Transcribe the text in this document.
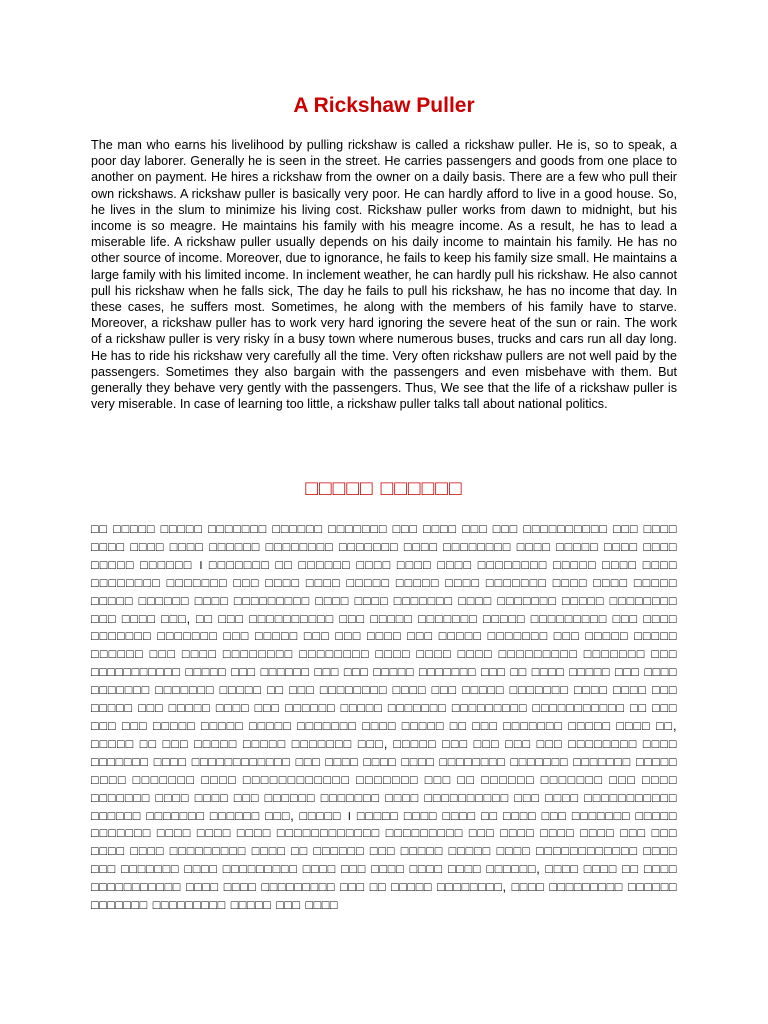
A Rickshaw Puller

The man who earns his livelihood by pulling rickshaw is called a rickshaw puller. He is, so to speak, a poor day laborer. Generally he is seen in the street. He carries passengers and goods from one place to another on payment. He hires a rickshaw from the owner on a daily basis. There are a few who pull their own rickshaws. A rickshaw puller is basically very poor. He can hardly afford to live in a good house. So, he lives in the slum to minimize his living cost. Rickshaw puller works from dawn to midnight, but his income is so meagre. He maintains his family with his meagre income. As a result, he has to lead a miserable life. A rickshaw puller usually depends on his daily income to maintain his family. He has no other source of income. Moreover, due to ignorance, he fails to keep his family size small. He maintains a large family with his limited income. In inclement weather, he can hardly pull his rickshaw. He also cannot pull his rickshaw when he falls sick, The day he fails to pull his rickshaw, he has no income that day. In these cases, he suffers most. Sometimes, he along with the members of his family have to starve. Moreover, a rickshaw puller has to work very hard ignoring the severe heat of the sun or rain. The work of a rickshaw puller is very risky ín a busy town where numerous buses, trucks and cars run all day long. He has to ride his rickshaw very carefully all the time. Very often rickshaw pullers are not well paid by the passengers. Sometimes they also bargain with the passengers and even misbehave with them. But generally they behave very gently with the passengers. Thus, We see that the life of a rickshaw puller is very miserable. In case of learning too little, a rickshaw puller talks tall about national politics.

□□□□□ □□□□□□

□□ □□□□□ □□□□□ □□□□□□□ □□□□□□ □□□□□□□ □□□ □□□□ □□□ □□□ □□□□□□□□□□ □□□ □□□□ □□□□ □□□□ □□□□ □□□□□□ □□□□□□□□ □□□□□□□ □□□□ □□□□□□□□ □□□□ □□□□□ □□□□ □□□□ □□□□□ □□□□□□ । □□□□□□□ □□ □□□□□□ □□□□ □□□□ □□□□ □□□□□□□□ □□□□□ □□□□ □□□□ □□□□□□□□ □□□□□□□ □□□ □□□□ □□□□ □□□□□ □□□□□ □□□□ □□□□□□□ □□□□ □□□□ □□□□□ □□□□□ □□□□□□ □□□□ □□□□□□□□□ □□□□ □□□□ □□□□□□□ □□□□ □□□□□□□ □□□□□ □□□□□□□□ □□□ □□□□ □□□, □□ □□□ □□□□□□□□□□ □□□ □□□□□ □□□□□□□ □□□□□ □□□□□□□□□ □□□ □□□□ □□□□□□□ □□□□□□□ □□□ □□□□□ □□□ □□□ □□□□ □□□ □□□□□ □□□□□□□ □□□ □□□□□ □□□□□ □□□□□□ □□□ □□□□ □□□□□□□□ □□□□□□□□ □□□□ □□□□ □□□□ □□□□□□□□□ □□□□□□□ □□□ □□□□□□□□□□□ □□□□□ □□□ □□□□□□ □□□ □□□ □□□□□ □□□□□□□ □□□ □□ □□□□ □□□□□ □□□ □□□□ □□□□□□□ □□□□□□□ □□□□□ □□ □□□ □□□□□□□□ □□□□ □□□ □□□□□ □□□□□□□ □□□□ □□□□ □□□ □□□□□ □□□ □□□□□ □□□□ □□□ □□□□□□ □□□□□ □□□□□□□ □□□□□□□□□ □□□□□□□□□□□ □□ □□□ □□□ □□□ □□□□□ □□□□□ □□□□□ □□□□□□□ □□□□ □□□□□ □□ □□□ □□□□□□□ □□□□□ □□□□ □□, □□□□□ □□ □□□ □□□□□ □□□□□ □□□□□□□ □□□, □□□□□ □□□ □□□ □□□ □□□ □□□□□□□□ □□□□ □□□□□□□ □□□□ □□□□□□□□□□□□ □□□ □□□□ □□□□ □□□□ □□□□□□□□ □□□□□□□ □□□□□□□ □□□□□ □□□□ □□□□□□□ □□□□ □□□□□□□□□□□□ □□□□□□□ □□□ □□ □□□□□□ □□□□□□□ □□□ □□□□ □□□□□□□ □□□□ □□□□ □□□ □□□□□□ □□□□□□□ □□□□ □□□□□□□□□□ □□□ □□□□ □□□□□□□□□□□ □□□□□□ □□□□□□□ □□□□□□ □□□, □□□□□ । □□□□□ □□□□ □□□□ □□ □□□□ □□□ □□□□□□□ □□□□□ □□□□□□□ □□□□ □□□□ □□□□ □□□□□□□□□□□□ □□□□□□□□□ □□□ □□□□ □□□□ □□□□ □□□ □□□ □□□□ □□□□ □□□□□□□□□ □□□□ □□ □□□□□□ □□□ □□□□□ □□□□□ □□□□ □□□□□□□□□□□□ □□□□ □□□ □□□□□□□ □□□□ □□□□□□□□□ □□□□ □□□ □□□□ □□□□ □□□□ □□□□□□, □□□□ □□□□ □□ □□□□ □□□□□□□□□□□ □□□□ □□□□ □□□□□□□□□ □□□ □□ □□□□□ □□□□□□□□, □□□□ □□□□□□□□□ □□□□□□ □□□□□□□ □□□□□□□□□ □□□□□ □□□ □□□□
